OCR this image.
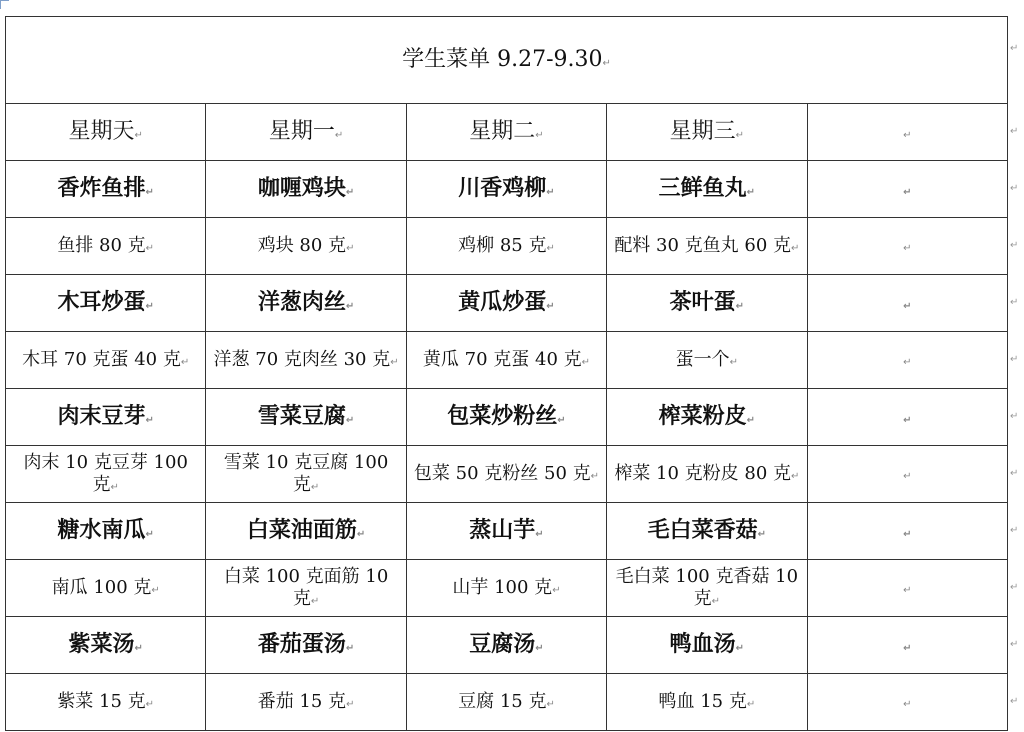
学生菜单 9.27-9.30↵				
星期天↵	星期一↵	星期二↵	星期三↵	↵
香炸鱼排↵	咖喱鸡块↵	川香鸡柳↵	三鲜鱼丸↵	↵
鱼排 80 克↵	鸡块 80 克↵	鸡柳 85 克↵	配料 30 克鱼丸 60 克↵	↵
木耳炒蛋↵	洋葱肉丝↵	黄瓜炒蛋↵	茶叶蛋↵	↵
木耳 70 克蛋 40 克↵	洋葱 70 克肉丝 30 克↵	黄瓜 70 克蛋 40 克↵	蛋一个↵	↵
肉末豆芽↵	雪菜豆腐↵	包菜炒粉丝↵	榨菜粉皮↵	↵
肉末 10 克豆芽 100 克↵	雪菜 10 克豆腐 100 克↵	包菜 50 克粉丝 50 克↵	榨菜 10 克粉皮 80 克↵	↵
糖水南瓜↵	白菜油面筋↵	蒸山芋↵	毛白菜香菇↵	↵
南瓜 100 克↵	白菜 100 克面筋 10 克↵	山芋 100 克↵	毛白菜 100 克香菇 10 克↵	↵
紫菜汤↵	番茄蛋汤↵	豆腐汤↵	鸭血汤↵	↵
紫菜 15 克↵	番茄 15 克↵	豆腐 15 克↵	鸭血 15 克↵	↵
↵
↵
↵
↵
↵
↵
↵
↵
↵
↵
↵
↵
